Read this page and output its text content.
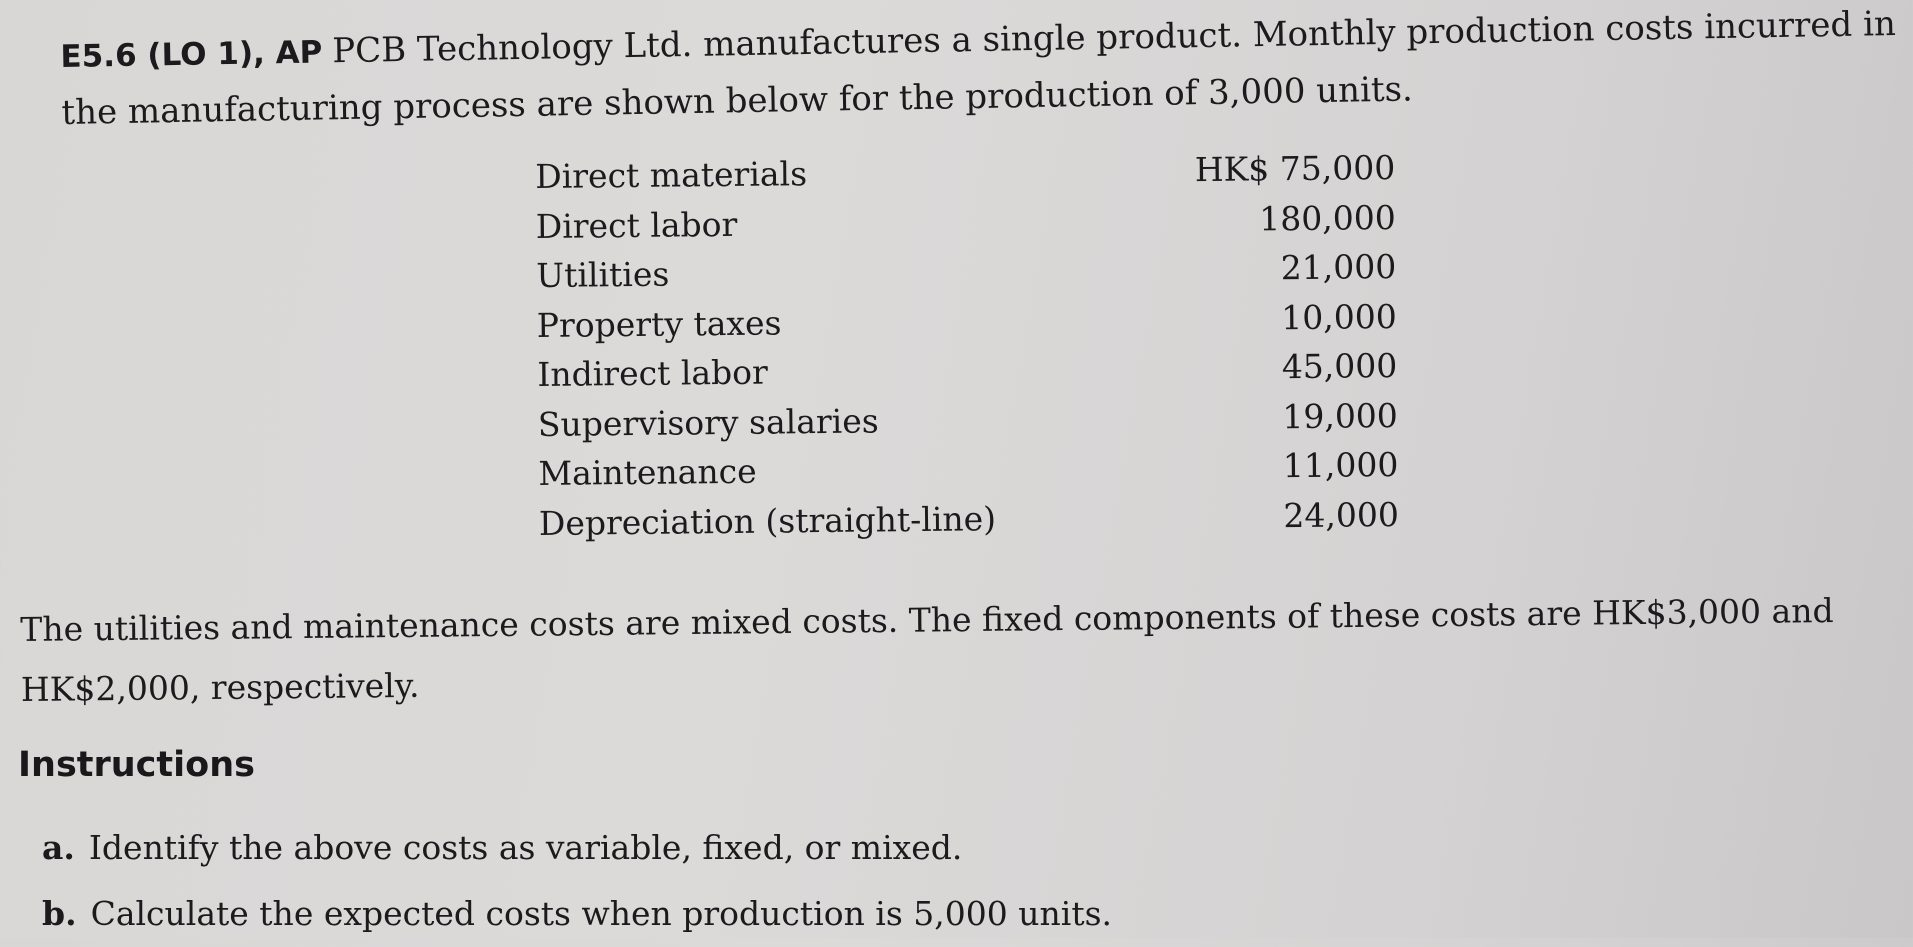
E5.6 (LO 1), AP PCB Technology Ltd. manufactures a single product. Monthly production costs incurred in the manufacturing process are shown below for the production of 3,000 units.
Direct materials	HK$ 75,000
Direct labor	180,000
Utilities	21,000
Property taxes	10,000
Indirect labor	45,000
Supervisory salaries	19,000
Maintenance	11,000
Depreciation (straight-line)	24,000
The utilities and maintenance costs are mixed costs. The fixed components of these costs are HK$3,000 and HK$2,000, respectively.
Instructions
a. Identify the above costs as variable, fixed, or mixed.
b. Calculate the expected costs when production is 5,000 units.
